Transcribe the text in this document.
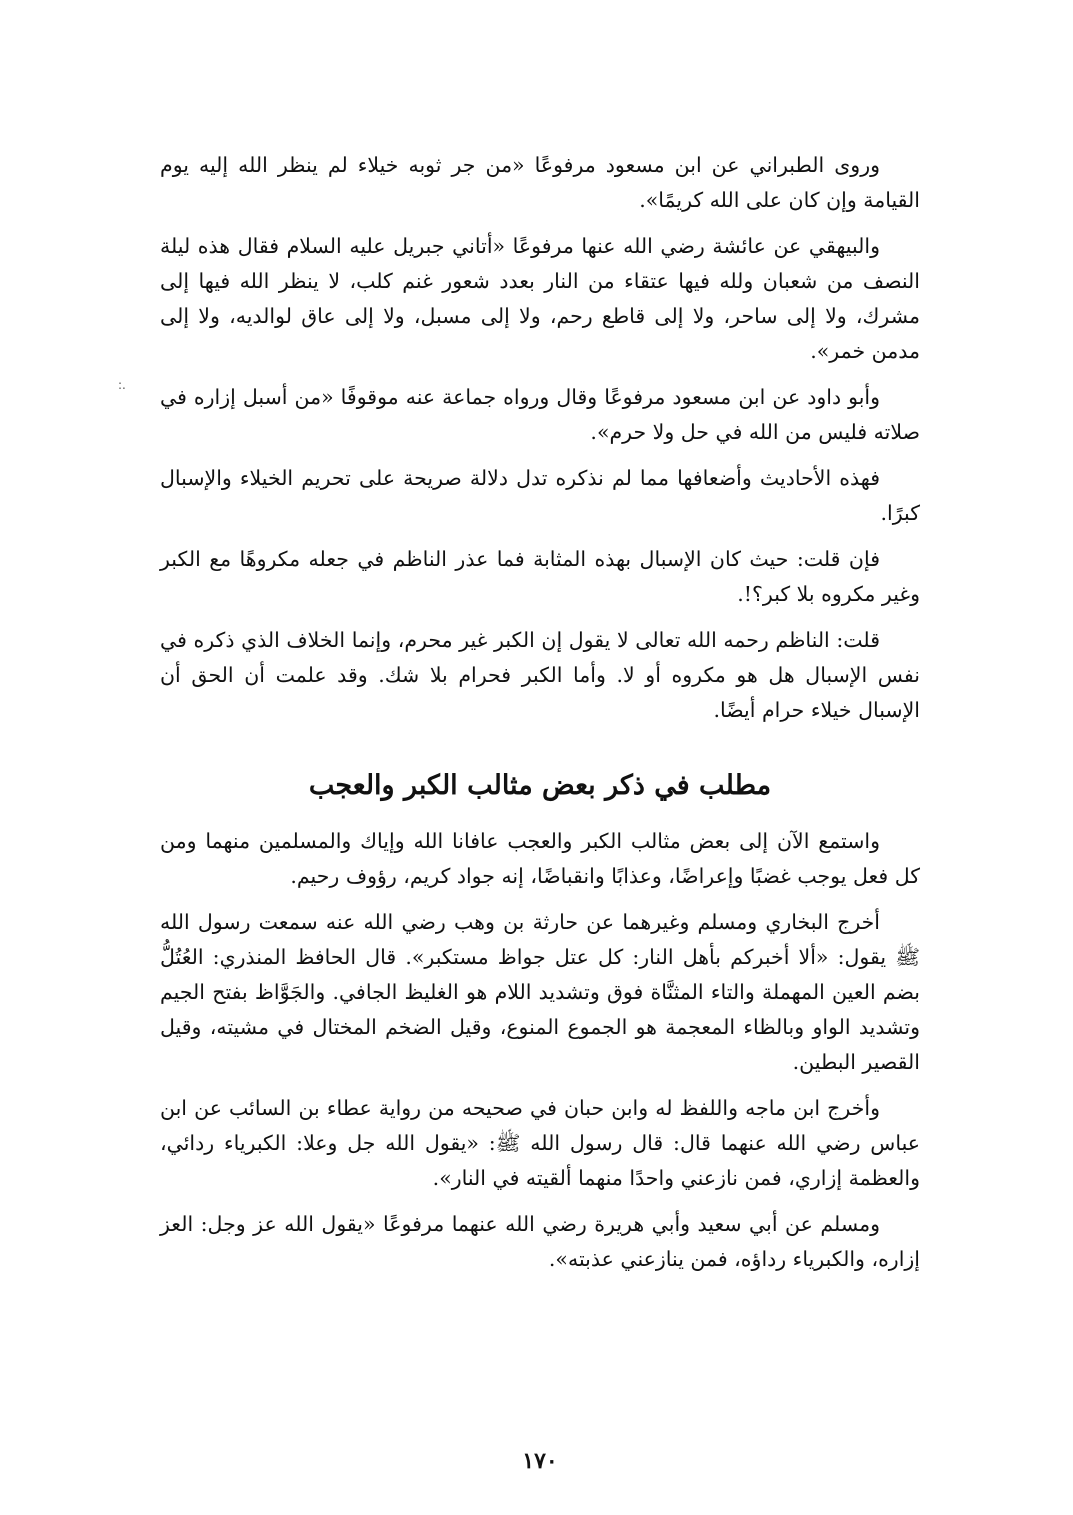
:.

وروى الطبراني عن ابن مسعود مرفوعًا «من جر ثوبه خيلاء لم ينظر الله إليه يوم القيامة وإن كان على الله كريمًا».

والبيهقي عن عائشة رضي الله عنها مرفوعًا «أتاني جبريل عليه السلام فقال هذه ليلة النصف من شعبان ولله فيها عتقاء من النار بعدد شعور غنم كلب، لا ينظر الله فيها إلى مشرك، ولا إلى ساحر، ولا إلى قاطع رحم، ولا إلى مسبل، ولا إلى عاق لوالديه، ولا إلى مدمن خمر».

وأبو داود عن ابن مسعود مرفوعًا وقال ورواه جماعة عنه موقوفًا «من أسبل إزاره في صلاته فليس من الله في حل ولا حرم».

فهذه الأحاديث وأضعافها مما لم نذكره تدل دلالة صريحة على تحريم الخيلاء والإسبال كبرًا.

فإن قلت: حيث كان الإسبال بهذه المثابة فما عذر الناظم في جعله مكروهًا مع الكبر وغير مكروه بلا كبر؟!.

قلت: الناظم رحمه الله تعالى لا يقول إن الكبر غير محرم، وإنما الخلاف الذي ذكره في نفس الإسبال هل هو مكروه أو لا. وأما الكبر فحرام بلا شك. وقد علمت أن الحق أن الإسبال خيلاء حرام أيضًا.

مطلب في ذكر بعض مثالب الكبر والعجب

واستمع الآن إلى بعض مثالب الكبر والعجب عافانا الله وإياك والمسلمين منهما ومن كل فعل يوجب غضبًا وإعراضًا، وعذابًا وانقباضًا، إنه جواد كريم، رؤوف رحيم.

أخرج البخاري ومسلم وغيرهما عن حارثة بن وهب رضي الله عنه سمعت رسول الله ﷺ يقول: «ألا أخبركم بأهل النار: كل عتل جواظ مستكبر». قال الحافظ المنذري: العُتُلُّ بضم العين المهملة والتاء المثنَّاة فوق وتشديد اللام هو الغليظ الجافي. والجَوَّاظ بفتح الجيم وتشديد الواو وبالظاء المعجمة هو الجموع المنوع، وقيل الضخم المختال في مشيته، وقيل القصير البطين.

وأخرج ابن ماجه واللفظ له وابن حبان في صحيحه من رواية عطاء بن السائب عن ابن عباس رضي الله عنهما قال: قال رسول الله ﷺ: «يقول الله جل وعلا: الكبرياء ردائي، والعظمة إزاري، فمن نازعني واحدًا منهما ألقيته في النار».

ومسلم عن أبي سعيد وأبي هريرة رضي الله عنهما مرفوعًا «يقول الله عز وجل: العز إزاره، والكبرياء رداؤه، فمن ينازعني عذبته».

١٧٠
